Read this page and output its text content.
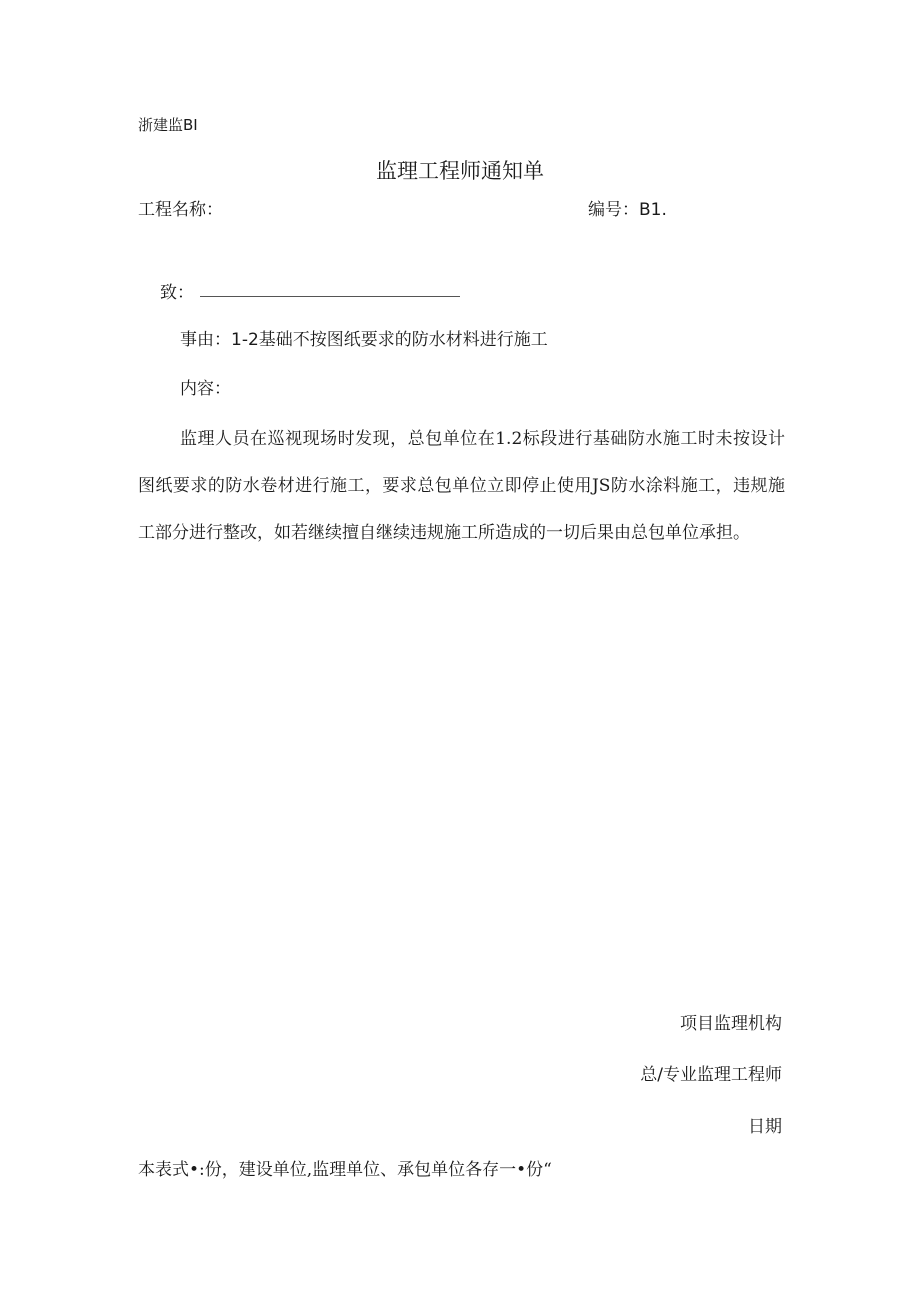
浙建监BI
监理工程师通知单
工程名称：	编号：B1.
致：
事由：1-2基础不按图纸要求的防水材料进行施工
内容：
监理人员在巡视现场时发现，总包单位在1.2标段进行基础防水施工时未按设计图纸要求的防水卷材进行施工，要求总包单位立即停止使用JS防水涂料施工，违规施工部分进行整改，如若继续擅自继续违规施工所造成的一切后果由总包单位承担。
项目监理机构
总/专业监理工程师
日期
本表式•:份，建设单位,监理单位、承包单位各存一•份“
